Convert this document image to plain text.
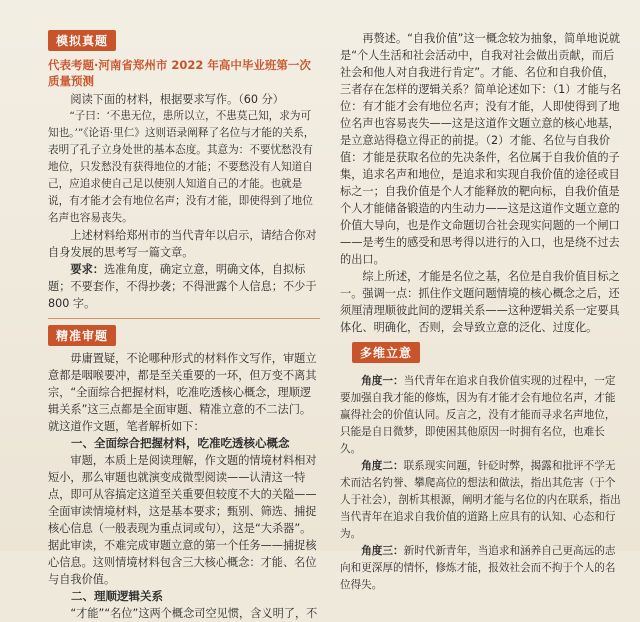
模拟真题
代表考题·河南省郑州市 2022 年高中毕业班第一次质量预测

阅读下面的材料，根据要求写作。（60 分）

“子曰：‘不患无位，患所以立，不患莫己知，求为可知也。’”《论语·里仁》这则语录阐释了名位与才能的关系，表明了孔子立身处世的基本态度。其意为：不要忧愁没有地位，只发愁没有获得地位的才能；不要愁没有人知道自己，应追求使自己足以使别人知道自己的才能。也就是说，有才能才会有地位名声；没有才能，即使得到了地位名声也容易丧失。

上述材料给郑州市的当代青年以启示，请结合你对自身发展的思考写一篇文章。

要求：选准角度，确定立意，明确文体，自拟标题；不要套作，不得抄袭；不得泄露个人信息；不少于 800 字。

精准审题

毋庸置疑，不论哪种形式的材料作文写作，审题立意都是咽喉要冲，都是至关重要的一环，但万变不离其宗，“全面综合把握材料，吃准吃透核心概念，理顺逻辑关系”这三点都是全面审题、精准立意的不二法门。就这道作文题，笔者解析如下：

一、全面综合把握材料，吃准吃透核心概念

审题，本质上是阅读理解，作文题的情境材料相对短小，那么审题也就演变成微型阅读——认清这一特点，即可从容搞定这道至关重要但较度不大的关隘——全面审读情境材料，这是基本要求；甄别、筛选、捕捉核心信息（一般表现为重点词或句），这是“大杀器”。据此审读，不难完成审题立意的第一个任务——捕捉核心信息。这则情境材料包含三大核心概念：才能、名位与自我价值。

二、理顺逻辑关系

“才能”“名位”这两个概念司空见惯，含义明了，不

再赘述。“自我价值”这一概念较为抽象，简单地说就是“个人生活和社会活动中，自我对社会做出贡献，而后社会和他人对自我进行肯定”。才能、名位和自我价值，三者存在怎样的逻辑关系？简单论述如下：（1）才能与名位：有才能才会有地位名声；没有才能，人即使得到了地位名声也容易丧失——这是这道作文题立意的核心地基，是立意站得稳立得正的前提。（2）才能、名位与自我价值：才能是获取名位的先决条件，名位属于自我价值的子集，追求名声和地位，是追求和实现自我价值的途径或目标之一；自我价值是个人才能释放的靶向标，自我价值是个人才能储备锻造的内生动力——这是这道作文题立意的价值大导向，也是作文命题切合社会现实问题的一个闸口——是考生的感受和思考得以进行的入口，也是绕不过去的出口。

综上所述，才能是名位之基，名位是自我价值目标之一。强调一点：抓住作文题问题情境的核心概念之后，还须厘清理顺彼此间的逻辑关系——这种逻辑关系一定要具体化、明确化，否则，会导致立意的泛化、过度化。

多维立意

角度一：当代青年在追求自我价值实现的过程中，一定要加强自我才能的修炼，因为有才能才会有地位名声，才能赢得社会的价值认同。反言之，没有才能而寻求名声地位，只能是自日微梦，即使困其他原因一时拥有名位，也难长久。

角度二：联系现实问题，针砭时弊，揭露和批评不学无术而沽名钓誉、攀爬高位的想法和做法，指出其危害（于个人于社会），剖析其根源，阐明才能与名位的内在联系，指出当代青年在追求自我价值的道路上应具有的认知、心态和行为。

角度三：新时代新青年，当追求和涵养自己更高远的志向和更深厚的情怀，修炼才能，报效社会而不拘于个人的名位得失。
